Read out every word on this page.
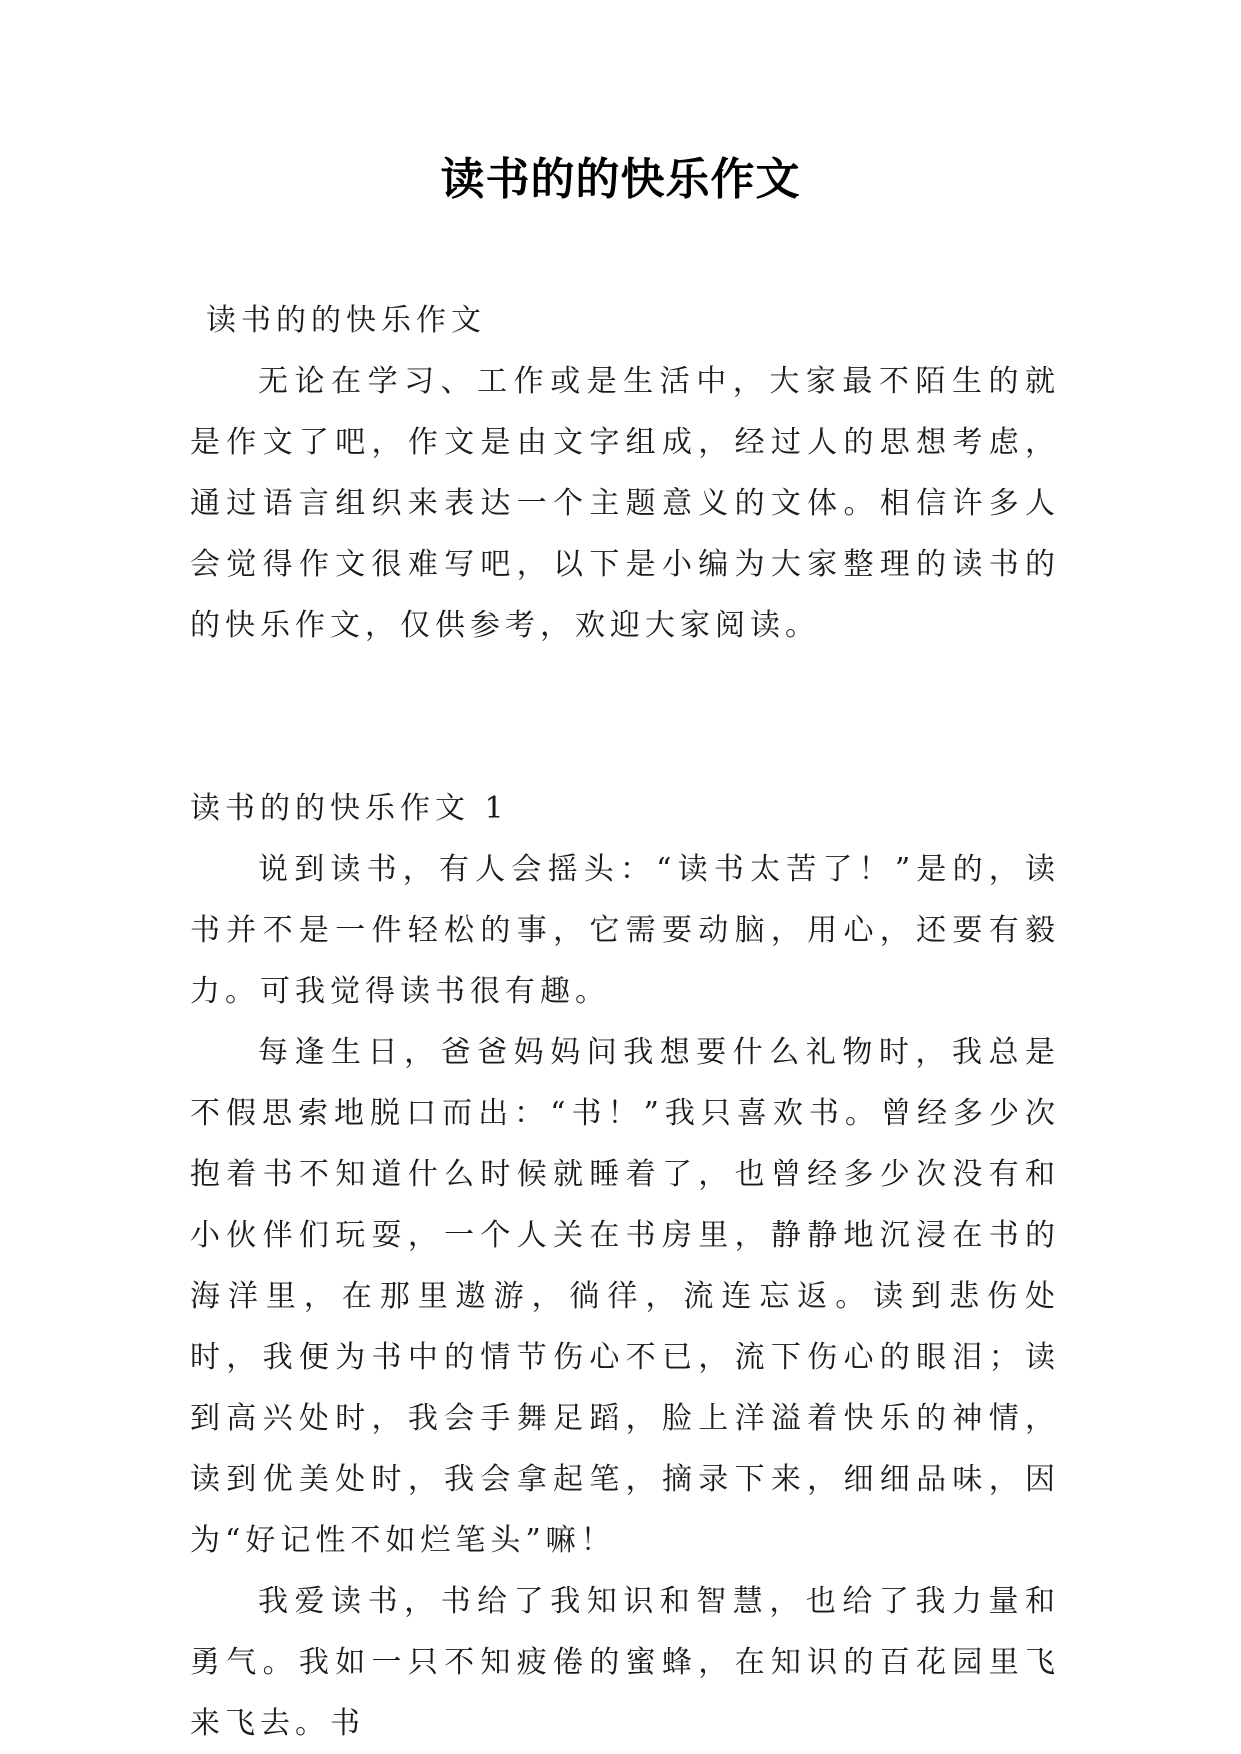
读书的的快乐作文

读书的的快乐作文

无论在学习、工作或是生活中，大家最不陌生的就是作文了吧，作文是由文字组成，经过人的思想考虑，通过语言组织来表达一个主题意义的文体。相信许多人会觉得作文很难写吧，以下是小编为大家整理的读书的的快乐作文，仅供参考，欢迎大家阅读。

读书的的快乐作文 1

说到读书，有人会摇头：“读书太苦了！”是的，读书并不是一件轻松的事，它需要动脑，用心，还要有毅力。可我觉得读书很有趣。

每逢生日，爸爸妈妈问我想要什么礼物时，我总是不假思索地脱口而出：“书！”我只喜欢书。曾经多少次抱着书不知道什么时候就睡着了，也曾经多少次没有和小伙伴们玩耍，一个人关在书房里，静静地沉浸在书的海洋里，在那里遨游，徜徉，流连忘返。读到悲伤处时，我便为书中的情节伤心不已，流下伤心的眼泪；读到高兴处时，我会手舞足蹈，脸上洋溢着快乐的神情，读到优美处时，我会拿起笔，摘录下来，细细品味，因为“好记性不如烂笔头”嘛！

我爱读书，书给了我知识和智慧，也给了我力量和勇气。我如一只不知疲倦的蜜蜂，在知识的百花园里飞来飞去。书
